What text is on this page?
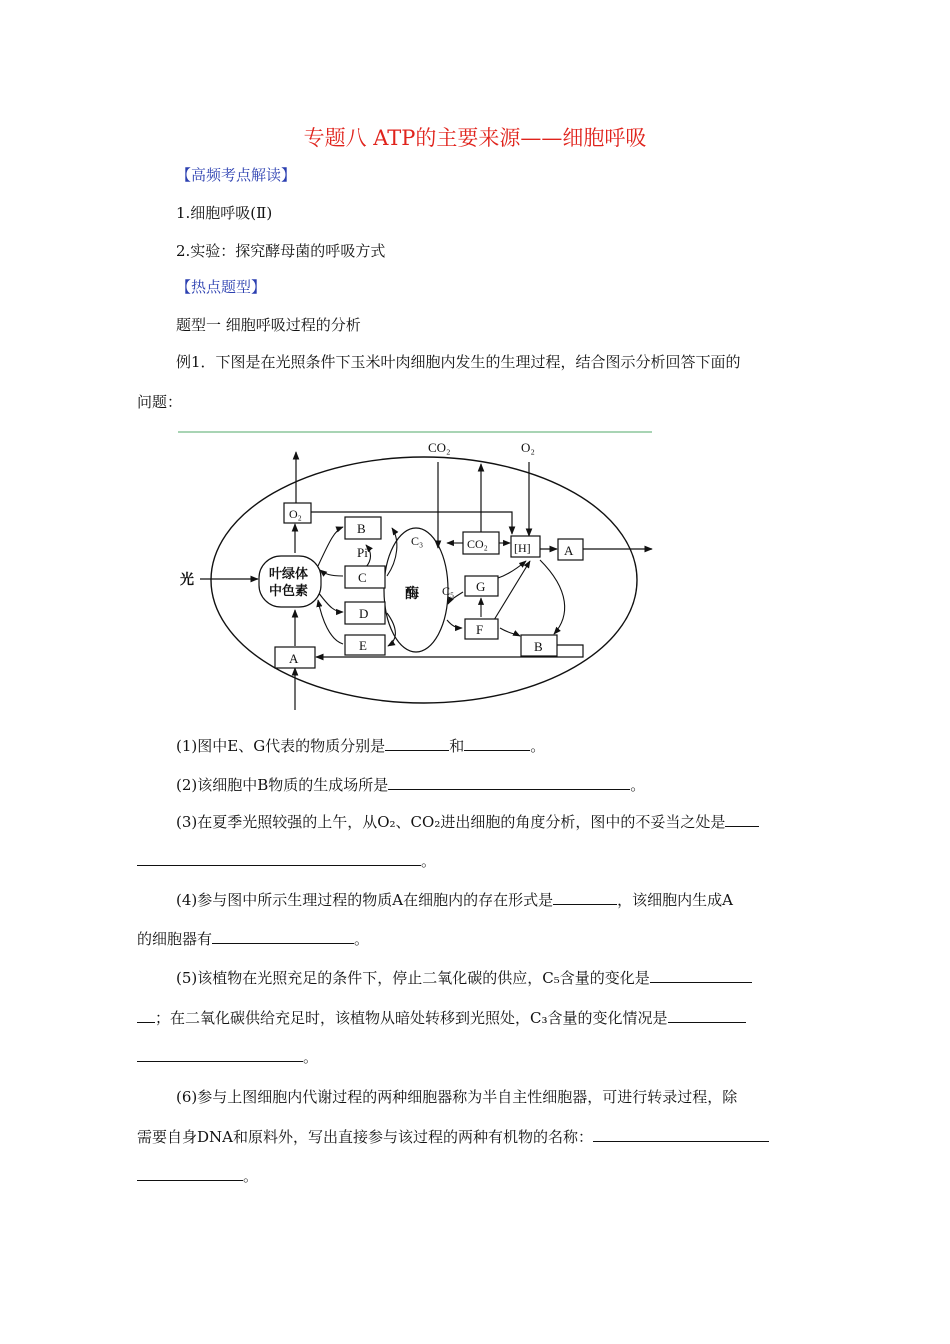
专题八 ATP的主要来源——细胞呼吸
【高频考点解读】
1.细胞呼吸(Ⅱ)
2.实验：探究酵母菌的呼吸方式
【热点题型】
题型一 细胞呼吸过程的分析
例1．下图是在光照条件下玉米叶肉细胞内发生的生理过程，结合图示分析回答下面的
问题：
CO₂	O₂
光
O₂
B
Pi
C
叶绿体
中色素
D
E
A
C₃
酶 C₅
CO₂ [H]	A
G
F
B
(1)图中E、G代表的物质分别是	和	。
(2)该细胞中B物质的生成场所是	。
(3)在夏季光照较强的上午，从O₂、CO₂进出细胞的角度分析，图中的不妥当之处是
。
(4)参与图中所示生理过程的物质A在细胞内的存在形式是	，该细胞内生成A
的细胞器有	。
(5)该植物在光照充足的条件下，停止二氧化碳的供应，C₅含量的变化是
；在二氧化碳供给充足时，该植物从暗处转移到光照处，C₃含量的变化情况是
。
(6)参与上图细胞内代谢过程的两种细胞器称为半自主性细胞器，可进行转录过程，除
需要自身DNA和原料外，写出直接参与该过程的两种有机物的名称：
。
